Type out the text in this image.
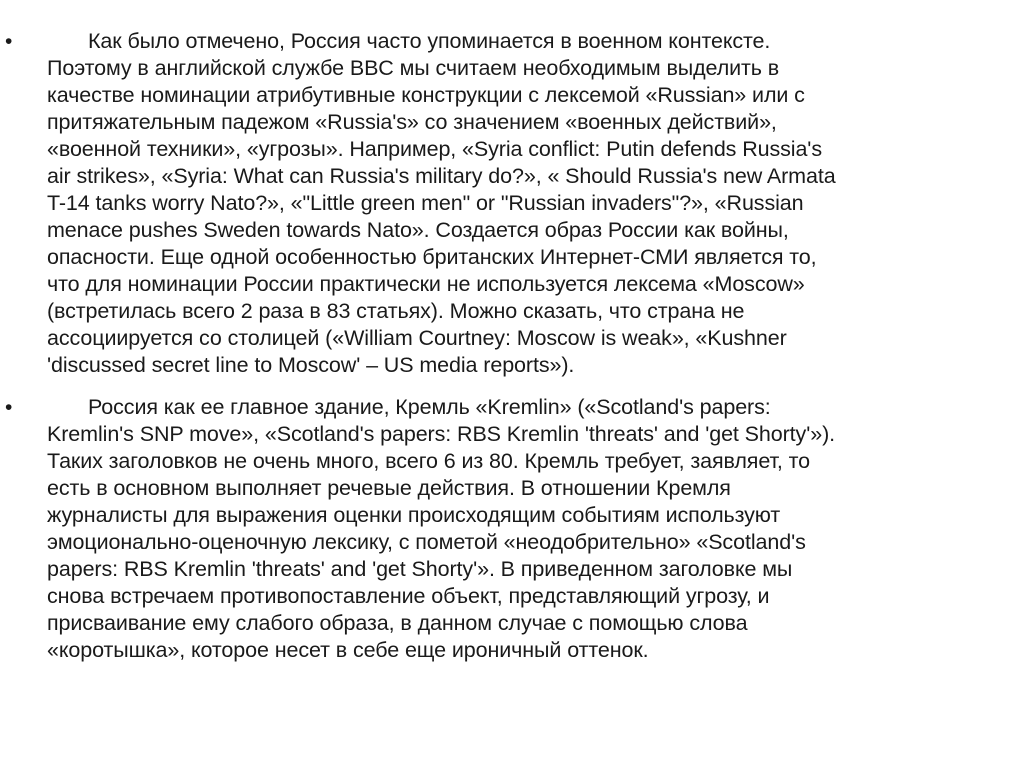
•	Как было отмечено, Россия часто упоминается в военном контексте.
Поэтому в английской службе BBC мы считаем необходимым выделить в
качестве номинации атрибутивные конструкции с лексемой «Russian» или с
притяжательным падежом «Russia's» со значением «военных действий»,
«военной техники», «угрозы». Например, «Syria conflict: Putin defends Russia's
air strikes», «Syria: What can Russia's military do?», « Should Russia's new Armata
T-14 tanks worry Nato?», «"Little green men" or "Russian invaders"?», «Russian
menace pushes Sweden towards Nato». Создается образ России как войны,
опасности. Еще одной особенностью британских Интернет-СМИ является то,
что для номинации России практически не используется лексема «Moscow»
(встретилась всего 2 раза в 83 статьях). Можно сказать, что страна не
ассоциируется со столицей («William Courtney: Moscow is weak», «Kushner
'discussed secret line to Moscow' – US media reports»).
•	Россия как ее главное здание, Кремль «Kremlin» («Scotland's papers:
Kremlin's SNP move», «Scotland's papers: RBS Kremlin 'threats' and 'get Shorty'»).
Таких заголовков не очень много, всего 6 из 80. Кремль требует, заявляет, то
есть в основном выполняет речевые действия. В отношении Кремля
журналисты для выражения оценки происходящим событиям используют
эмоционально-оценочную лексику, с пометой «неодобрительно» «Scotland's
papers: RBS Kremlin 'threats' and 'get Shorty'». В приведенном заголовке мы
снова встречаем противопоставление объект, представляющий угрозу, и
присваивание ему слабого образа, в данном случае с помощью слова
«коротышка», которое несет в себе еще ироничный оттенок.
